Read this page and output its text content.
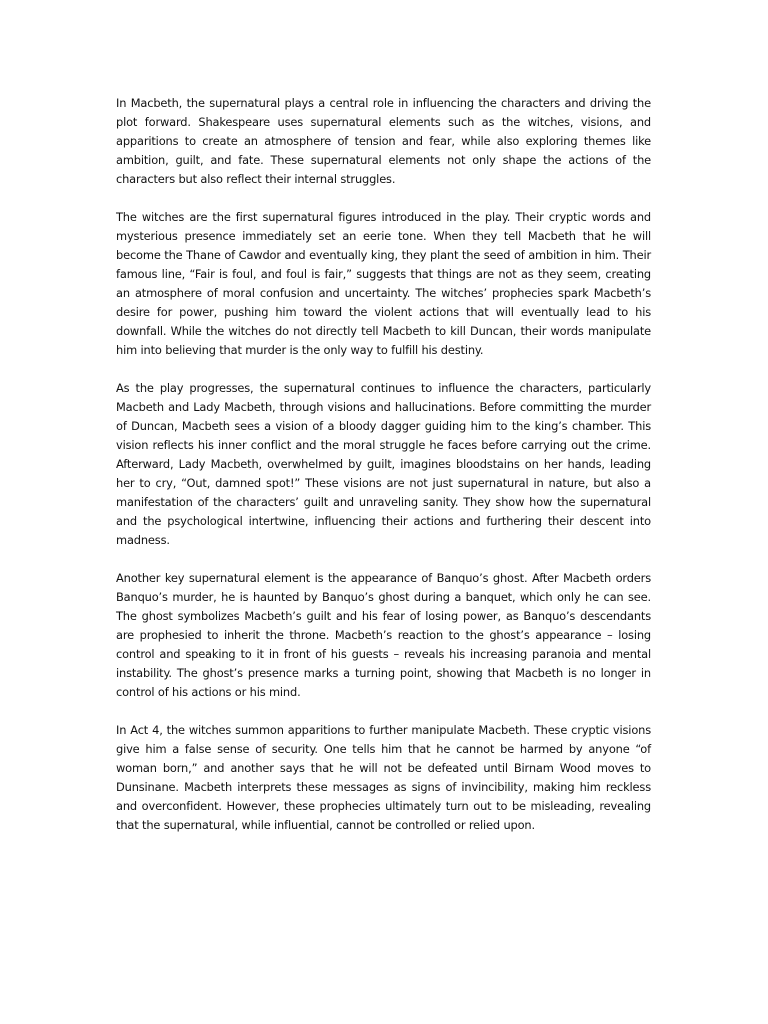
In Macbeth, the supernatural plays a central role in influencing the characters and driving the plot forward. Shakespeare uses supernatural elements such as the witches, visions, and apparitions to create an atmosphere of tension and fear, while also exploring themes like ambition, guilt, and fate. These supernatural elements not only shape the actions of the characters but also reflect their internal struggles.

The witches are the first supernatural figures introduced in the play. Their cryptic words and mysterious presence immediately set an eerie tone. When they tell Macbeth that he will become the Thane of Cawdor and eventually king, they plant the seed of ambition in him. Their famous line, “Fair is foul, and foul is fair,” suggests that things are not as they seem, creating an atmosphere of moral confusion and uncertainty. The witches’ prophecies spark Macbeth’s desire for power, pushing him toward the violent actions that will eventually lead to his downfall. While the witches do not directly tell Macbeth to kill Duncan, their words manipulate him into believing that murder is the only way to fulfill his destiny.

As the play progresses, the supernatural continues to influence the characters, particularly Macbeth and Lady Macbeth, through visions and hallucinations. Before committing the murder of Duncan, Macbeth sees a vision of a bloody dagger guiding him to the king’s chamber. This vision reflects his inner conflict and the moral struggle he faces before carrying out the crime. Afterward, Lady Macbeth, overwhelmed by guilt, imagines bloodstains on her hands, leading her to cry, “Out, damned spot!” These visions are not just supernatural in nature, but also a manifestation of the characters’ guilt and unraveling sanity. They show how the supernatural and the psychological intertwine, influencing their actions and furthering their descent into madness.

Another key supernatural element is the appearance of Banquo’s ghost. After Macbeth orders Banquo’s murder, he is haunted by Banquo’s ghost during a banquet, which only he can see. The ghost symbolizes Macbeth’s guilt and his fear of losing power, as Banquo’s descendants are prophesied to inherit the throne. Macbeth’s reaction to the ghost’s appearance – losing control and speaking to it in front of his guests – reveals his increasing paranoia and mental instability. The ghost’s presence marks a turning point, showing that Macbeth is no longer in control of his actions or his mind.

In Act 4, the witches summon apparitions to further manipulate Macbeth. These cryptic visions give him a false sense of security. One tells him that he cannot be harmed by anyone “of woman born,” and another says that he will not be defeated until Birnam Wood moves to Dunsinane. Macbeth interprets these messages as signs of invincibility, making him reckless and overconfident. However, these prophecies ultimately turn out to be misleading, revealing that the supernatural, while influential, cannot be controlled or relied upon.
